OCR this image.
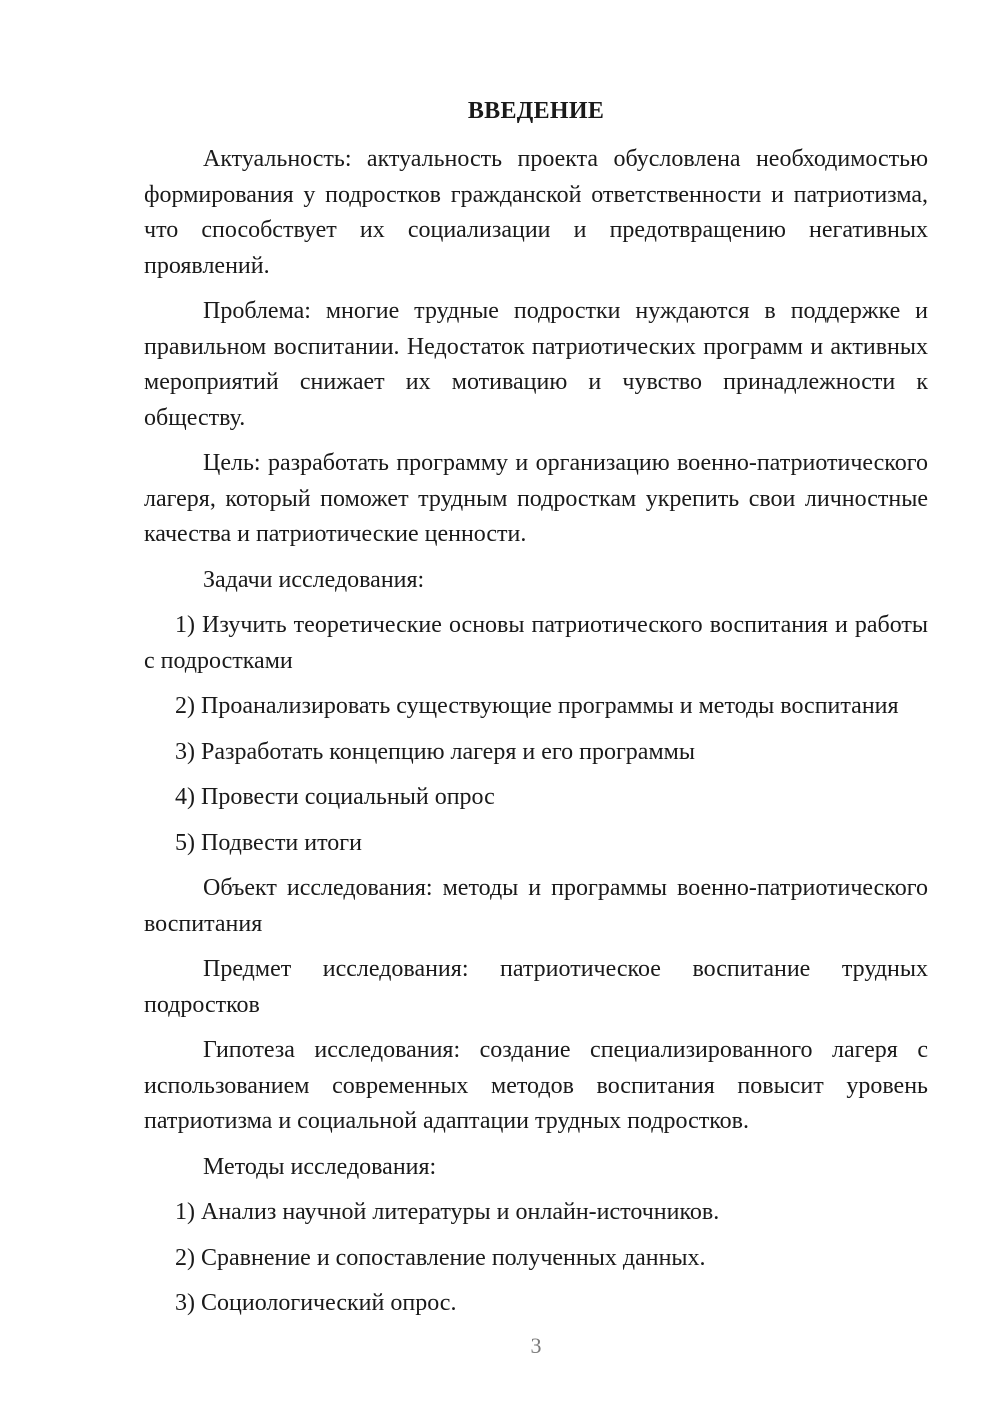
ВВЕДЕНИЕ

Актуальность: актуальность проекта обусловлена необходимостью формирования у подростков гражданской ответственности и патриотизма, что способствует их социализации и предотвращению негативных проявлений.

Проблема: многие трудные подростки нуждаются в поддержке и правильном воспитании. Недостаток патриотических программ и активных мероприятий снижает их мотивацию и чувство принадлежности к обществу.

Цель: разработать программу и организацию военно-патриотического лагеря, который поможет трудным подросткам укрепить свои личностные качества и патриотические ценности.

Задачи исследования:

1) Изучить теоретические основы патриотического воспитания и работы с подростками

2) Проанализировать существующие программы и методы воспитания

3) Разработать концепцию лагеря и его программы

4) Провести социальный опрос

5) Подвести итоги

Объект исследования: методы и программы военно-патриотического воспитания

Предмет исследования: патриотическое воспитание трудных подростков

Гипотеза исследования: создание специализированного лагеря с использованием современных методов воспитания повысит уровень патриотизма и социальной адаптации трудных подростков.

Методы исследования:

1) Анализ научной литературы и онлайн-источников.

2) Сравнение и сопоставление полученных данных.

3) Социологический опрос.

3
